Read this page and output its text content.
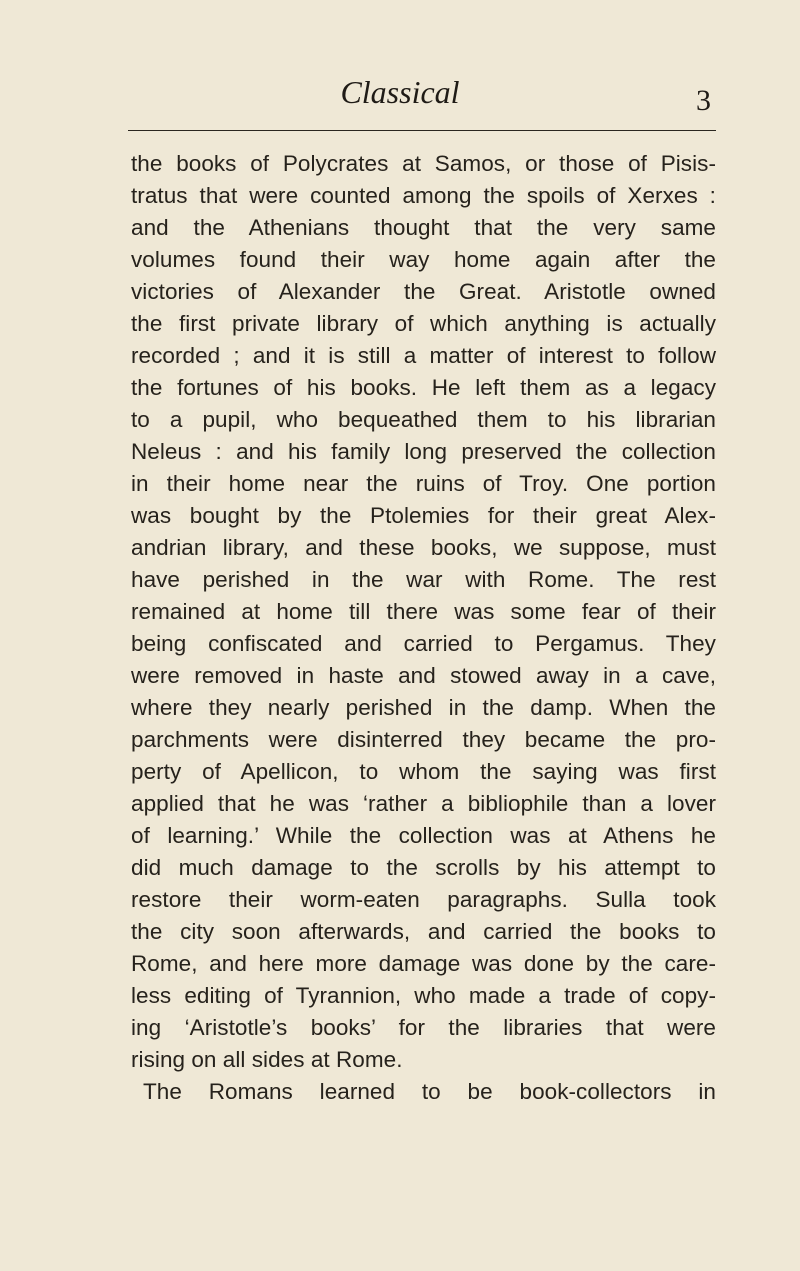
Classical	3
the books of Polycrates at Samos, or those of Pisis-
tratus that were counted among the spoils of Xerxes :
and the Athenians thought that the very same
volumes found their way home again after the
victories of Alexander the Great. Aristotle owned
the first private library of which anything is actually
recorded ; and it is still a matter of interest to follow
the fortunes of his books. He left them as a legacy
to a pupil, who bequeathed them to his librarian
Neleus : and his family long preserved the collection
in their home near the ruins of Troy. One portion
was bought by the Ptolemies for their great Alex-
andrian library, and these books, we suppose, must
have perished in the war with Rome. The rest
remained at home till there was some fear of their
being confiscated and carried to Pergamus. They
were removed in haste and stowed away in a cave,
where they nearly perished in the damp. When the
parchments were disinterred they became the pro-
perty of Apellicon, to whom the saying was first
applied that he was ‘rather a bibliophile than a lover
of learning.’ While the collection was at Athens he
did much damage to the scrolls by his attempt to
restore their worm-eaten paragraphs. Sulla took
the city soon afterwards, and carried the books to
Rome, and here more damage was done by the care-
less editing of Tyrannion, who made a trade of copy-
ing ‘Aristotle’s books’ for the libraries that were
rising on all sides at Rome.
The Romans learned to be book-collectors in
